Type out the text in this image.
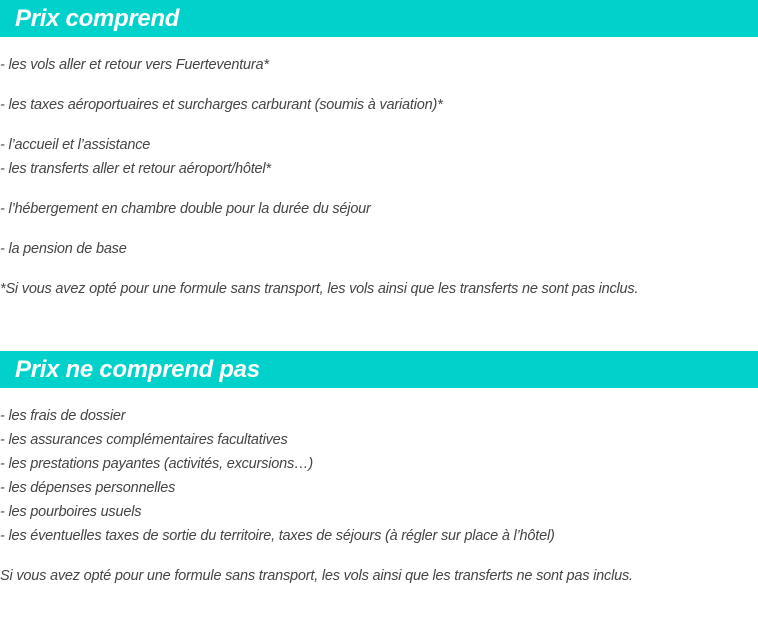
Prix comprend

- les vols aller et retour vers Fuerteventura*

- les taxes aéroportuaires et surcharges carburant (soumis à variation)*

- l’accueil et l’assistance

- les transferts aller et retour aéroport/hôtel*

- l’hébergement en chambre double pour la durée du séjour

- la pension de base

*Si vous avez opté pour une formule sans transport, les vols ainsi que les transferts ne sont pas inclus.

Prix ne comprend pas

- les frais de dossier

- les assurances complémentaires facultatives

- les prestations payantes (activités, excursions…)

- les dépenses personnelles

- les pourboires usuels

- les éventuelles taxes de sortie du territoire, taxes de séjours (à régler sur place à l’hôtel)

Si vous avez opté pour une formule sans transport, les vols ainsi que les transferts ne sont pas inclus.
